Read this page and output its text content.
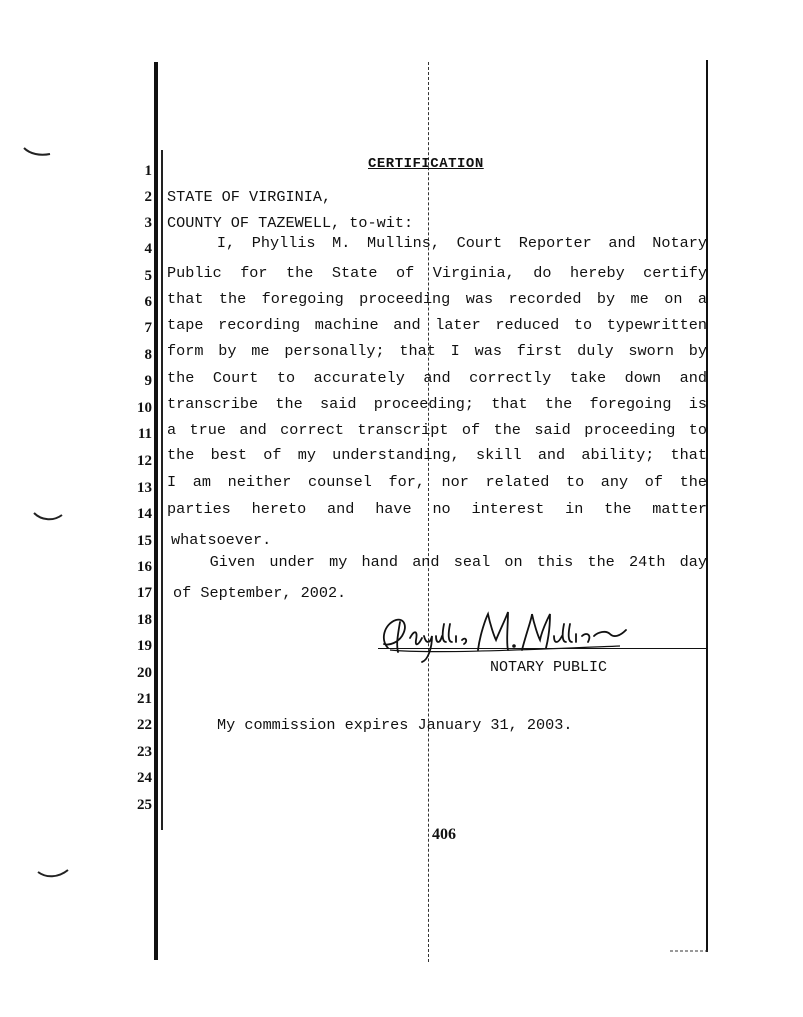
1
2
3
4
5
6
7
8
9
10
11
12
13
14
15
16
17
18
19
20
21
22
23
24
25
CERTIFICATION
STATE OF VIRGINIA,
COUNTY OF TAZEWELL, to-wit:
I, Phyllis M. Mullins, Court Reporter and Notary
Public for the State of Virginia, do hereby certify
that the foregoing proceeding was recorded by me on a
tape recording machine and later reduced to typewritten
form by me personally; that I was first duly sworn by
the Court to accurately and correctly take down and
transcribe the said proceeding; that the foregoing is
a true and correct transcript of the said proceeding to
the best of my understanding, skill and ability; that
I am neither counsel for, nor related to any of the
parties hereto and have no interest in the matter
whatsoever.
Given under my hand and seal on this the 24th day
of September, 2002.
NOTARY PUBLIC
My commission expires January 31, 2003.
406
